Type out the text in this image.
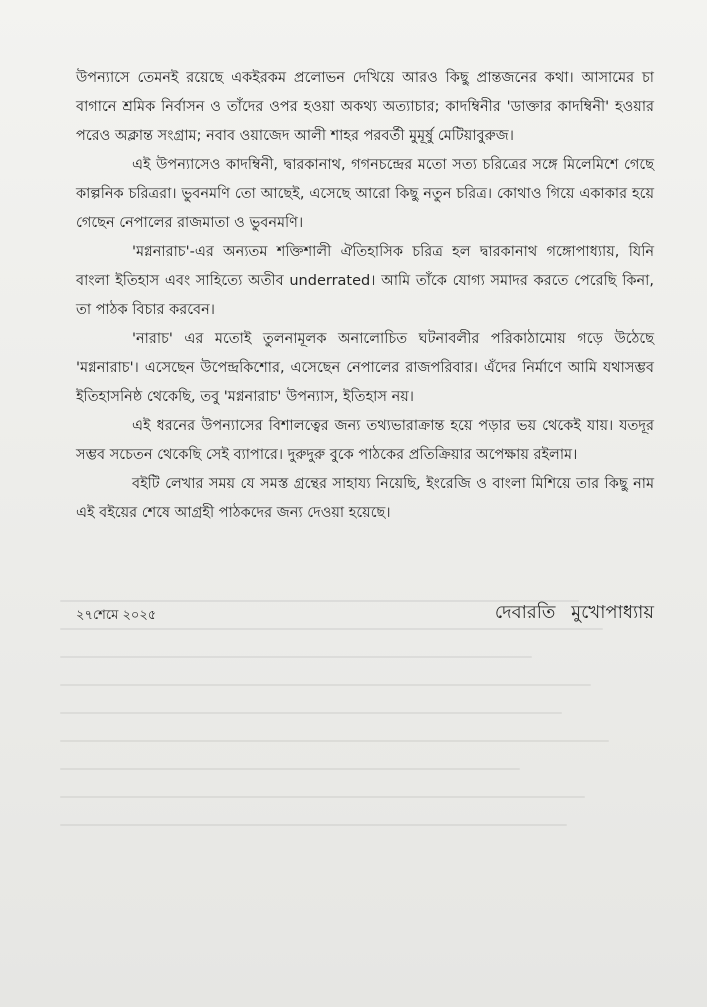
উপন্যাসে তেমনই রয়েছে একইরকম প্রলোভন দেখিয়ে আরও কিছু প্রান্তজনের কথা। আসামের চা বাগানে শ্রমিক নির্বাসন ও তাঁদের ওপর হওয়া অকথ্য অত্যাচার; কাদম্বিনীর 'ডাক্তার কাদম্বিনী' হওয়ার পরেও অক্লান্ত সংগ্রাম; নবাব ওয়াজেদ আলী শাহর পরবর্তী মুমূর্ষু মেটিয়াবুরুজ।

এই উপন্যাসেও কাদম্বিনী, দ্বারকানাথ, গগনচন্দ্রের মতো সত্য চরিত্রের সঙ্গে মিলেমিশে গেছে কাল্পনিক চরিত্ররা। ভুবনমণি তো আছেই, এসেছে আরো কিছু নতুন চরিত্র। কোথাও গিয়ে একাকার হয়ে গেছেন নেপালের রাজমাতা ও ভুবনমণি।

'মগ্ননারাচ'-এর অন্যতম শক্তিশালী ঐতিহাসিক চরিত্র হল দ্বারকানাথ গঙ্গোপাধ্যায়, যিনি বাংলা ইতিহাস এবং সাহিত্যে অতীব underrated। আমি তাঁকে যোগ্য সমাদর করতে পেরেছি কিনা, তা পাঠক বিচার করবেন।

'নারাচ' এর মতোই তুলনামূলক অনালোচিত ঘটনাবলীর পরিকাঠামোয় গড়ে উঠেছে 'মগ্ননারাচ'। এসেছেন উপেন্দ্রকিশোর, এসেছেন নেপালের রাজপরিবার। এঁদের নির্মাণে আমি যথাসম্ভব ইতিহাসনিষ্ঠ থেকেছি, তবু 'মগ্ননারাচ' উপন্যাস, ইতিহাস নয়।

এই ধরনের উপন্যাসের বিশালত্বের জন্য তথ্যভারাক্রান্ত হয়ে পড়ার ভয় থেকেই যায়। যতদূর সম্ভব সচেতন থেকেছি সেই ব্যাপারে। দুরুদুরু বুকে পাঠকের প্রতিক্রিয়ার অপেক্ষায় রইলাম।

বইটি লেখার সময় যে সমস্ত গ্রন্থের সাহায্য নিয়েছি, ইংরেজি ও বাংলা মিশিয়ে তার কিছু নাম এই বইয়ের শেষে আগ্রহী পাঠকদের জন্য দেওয়া হয়েছে।

২৭শেমে ২০২৫	দেবারতি মুখোপাধ্যায়
